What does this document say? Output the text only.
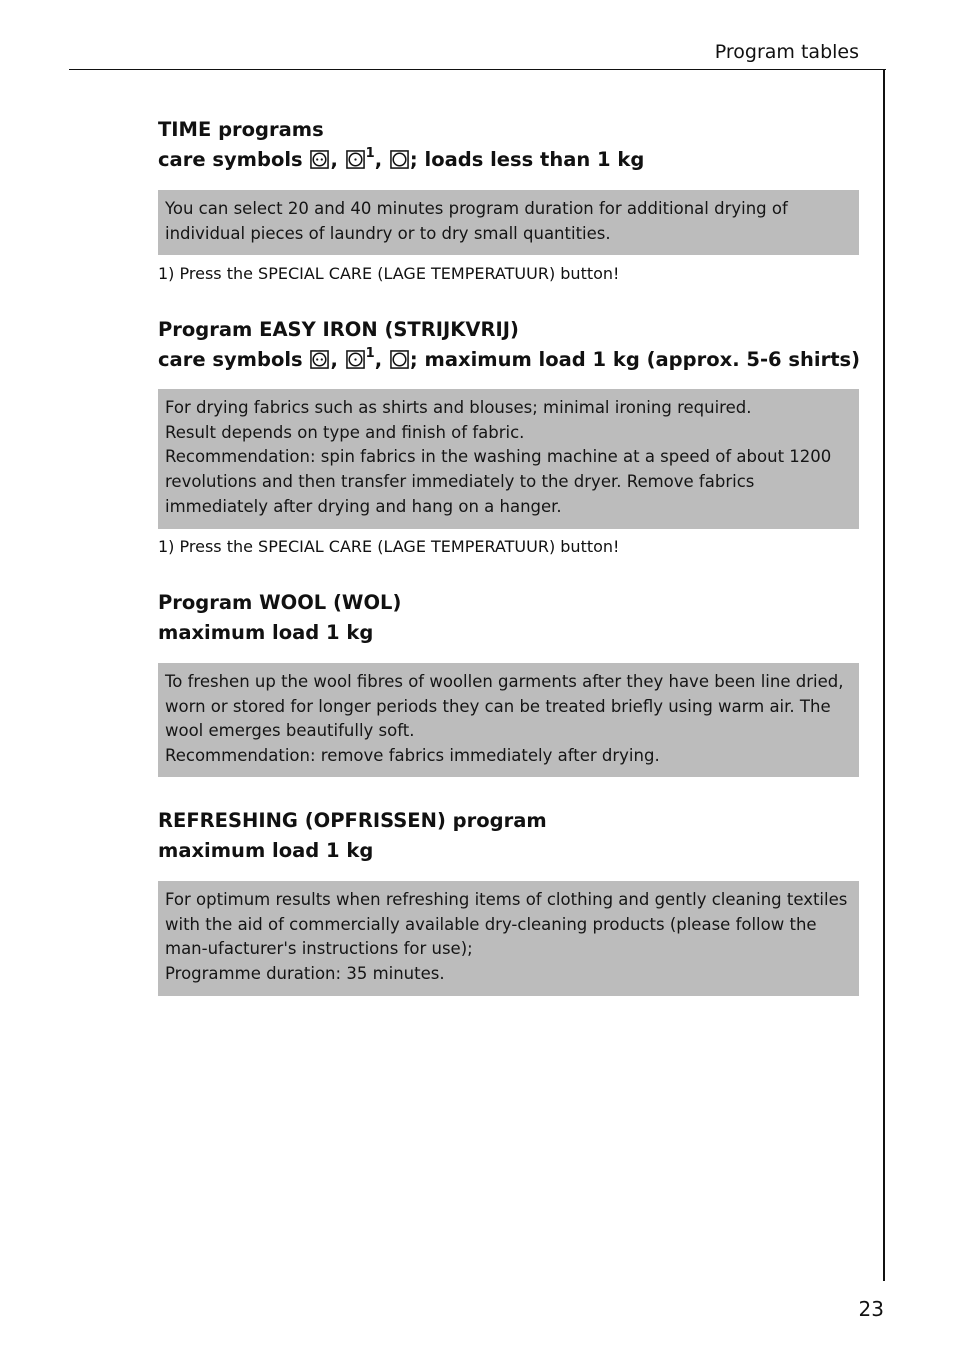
Program tables
TIME programs
care symbols , $^1$, ; loads less than 1 kg
You can select 20 and 40 minutes program duration for additional drying of individual pieces of laundry or to dry small quantities.
1) Press the SPECIAL CARE (LAGE TEMPERATUUR) button!
Program EASY IRON (STRIJKVRIJ)
care symbols , $^1$, ; maximum load 1 kg (approx. 5-6 shirts)
For drying fabrics such as shirts and blouses; minimal ironing required.
Result depends on type and finish of fabric.
Recommendation: spin fabrics in the washing machine at a speed of about 1200 revolutions and then transfer immediately to the dryer. Remove fabrics immediately after drying and hang on a hanger.
1) Press the SPECIAL CARE (LAGE TEMPERATUUR) button!
Program WOOL (WOL)
maximum load 1 kg
To freshen up the wool fibres of woollen garments after they have been line dried, worn or stored for longer periods they can be treated briefly using warm air. The wool emerges beautifully soft.
Recommendation: remove fabrics immediately after drying.
REFRESHING (OPFRISSEN) program
maximum load 1 kg
For optimum results when refreshing items of clothing and gently cleaning textiles with the aid of commercially available dry-cleaning products (please follow the man-ufacturer's instructions for use);
Programme duration: 35 minutes.
23
